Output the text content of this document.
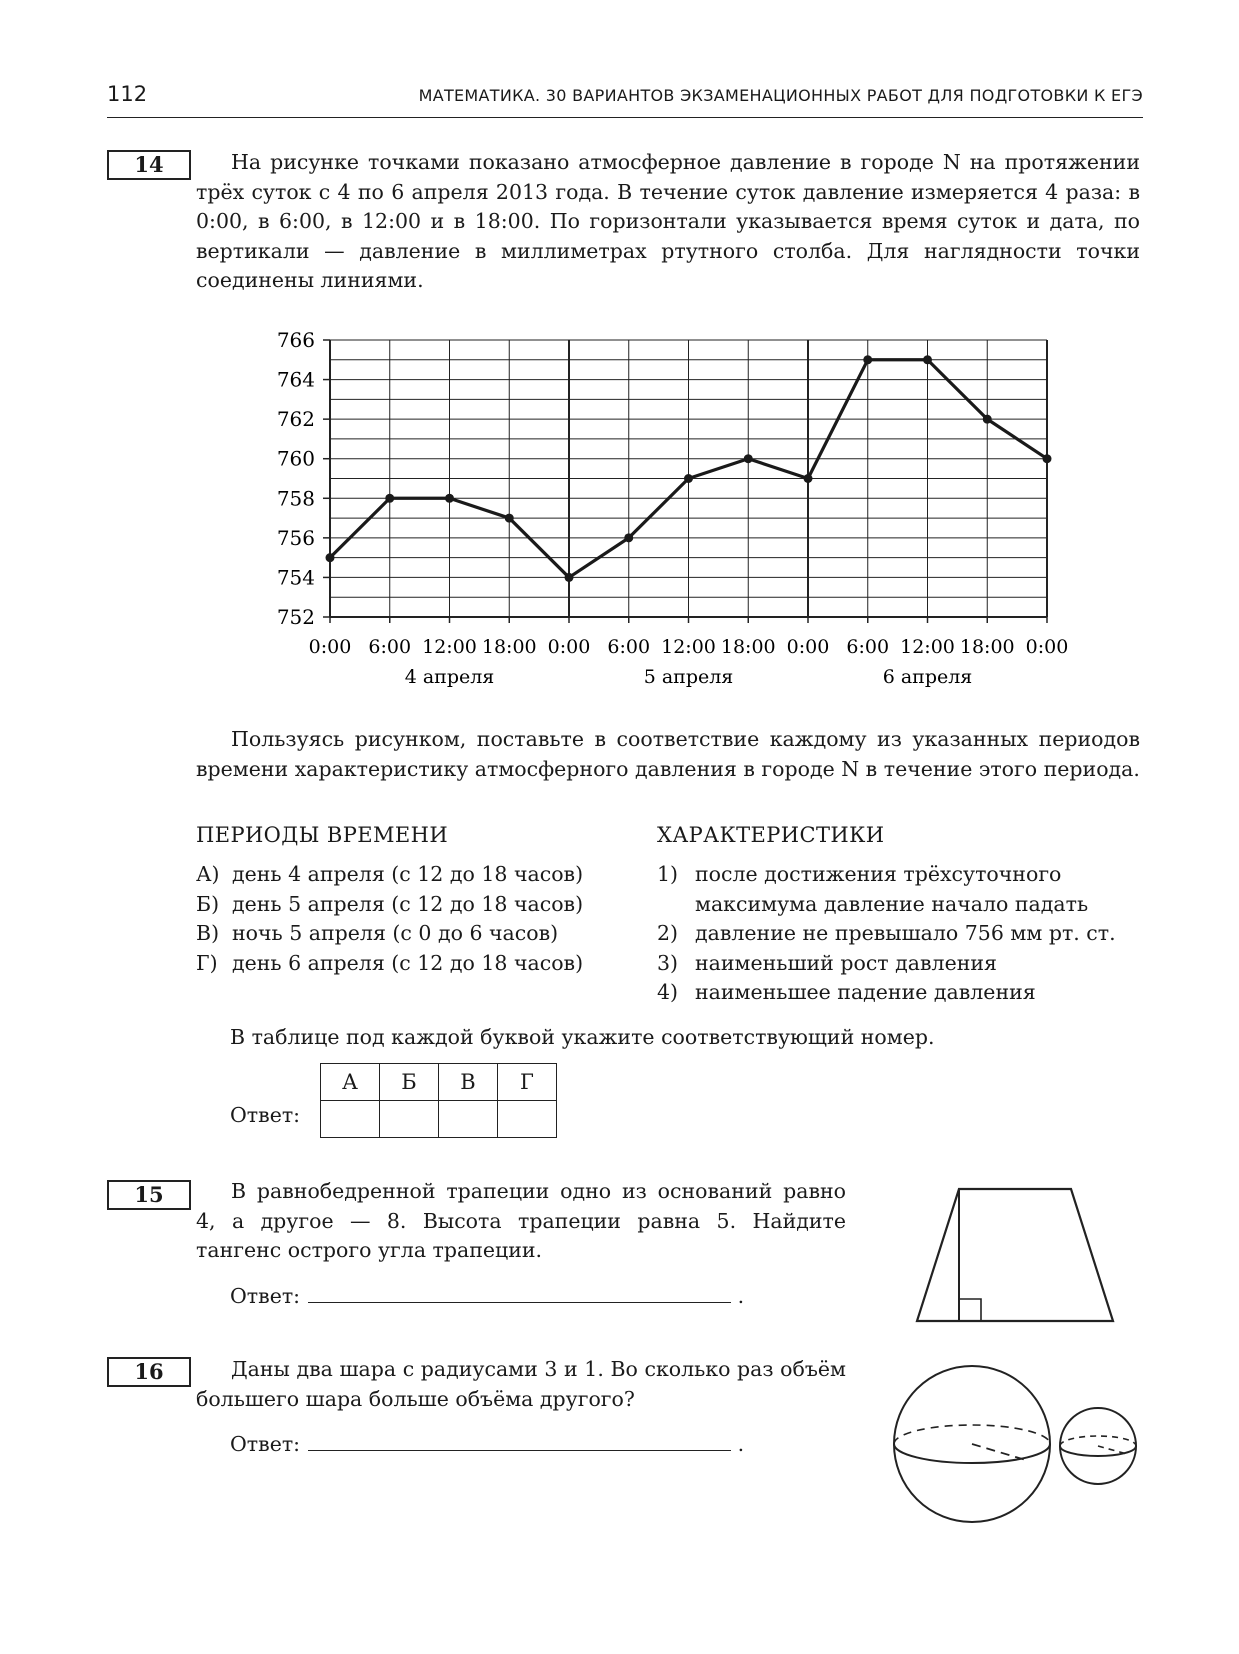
112	МАТЕМАТИКА. 30 ВАРИАНТОВ ЭКЗАМЕНАЦИОННЫХ РАБОТ ДЛЯ ПОДГОТОВКИ К ЕГЭ
14	На рисунке точками показано атмосферное давление в городе N на протяжении трёх суток с 4 по 6 апреля 2013 года. В течение суток давление измеряется 4 раза: в 0:00, в 6:00, в 12:00 и в 18:00. По горизонтали указывается время суток и дата, по вертикали — давление в миллиметрах ртутного столба. Для наглядности точки соединены линиями.
752
754
756
758
760
762
764
766
0:00 6:00 12:00 18:00 0:00 6:00 12:00 18:00 0:00 6:00 12:00 18:00 0:00
4 апреля	5 апреля	6 апреля
Пользуясь рисунком, поставьте в соответствие каждому из указанных периодов времени характеристику атмосферного давления в городе N в течение этого периода.
ПЕРИОДЫ ВРЕМЕНИ	ХАРАКТЕРИСТИКИ
А) день 4 апреля (с 12 до 18 часов)
Б) день 5 апреля (с 12 до 18 часов)
В) ночь 5 апреля (с 0 до 6 часов)
Г) день 6 апреля (с 12 до 18 часов)
1) после достижения трёхсуточного
максимума давление начало падать
2) давление не превышало 756 мм рт. ст.
3) наименьший рост давления
4) наименьшее падение давления
В таблице под каждой буквой укажите соответствующий номер.
Ответ:
А	Б	В	Г

15	В равнобедренной трапеции одно из оснований равно 4, а другое — 8. Высота трапеции равна 5. Найдите тангенс острого угла трапеции.
Ответ:	.
16	Даны два шара с радиусами 3 и 1. Во сколько раз объём большего шара больше объёма другого?
Ответ:	.
